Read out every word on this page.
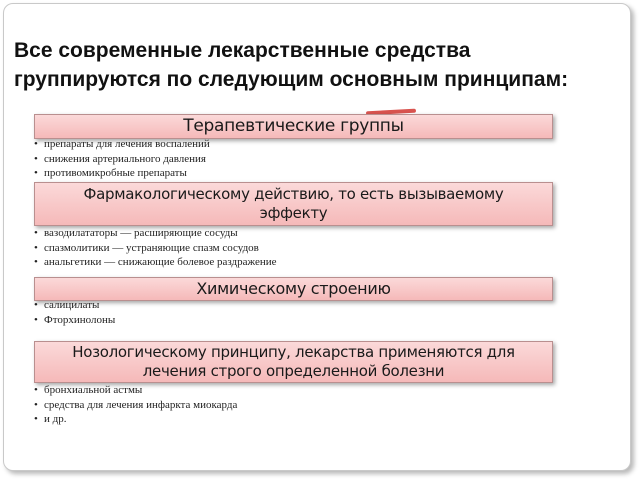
Все современные лекарственные средства
группируются по следующим основным принципам:
Терапевтические группы
• препараты для лечения воспалений
• снижения артериального давления
• противомикробные препараты
Фармакологическому действию, то есть вызываемому
эффекту
• вазодилататоры — расширяющие сосуды
• спазмолитики — устраняющие спазм сосудов
• анальгетики — снижающие болевое раздражение
Химическому строению
• салицилаты
• Фторхинолоны
Нозологическому принципу, лекарства применяются для
лечения строго определенной болезни
• бронхиальной астмы
• средства для лечения инфаркта миокарда
• и др.
